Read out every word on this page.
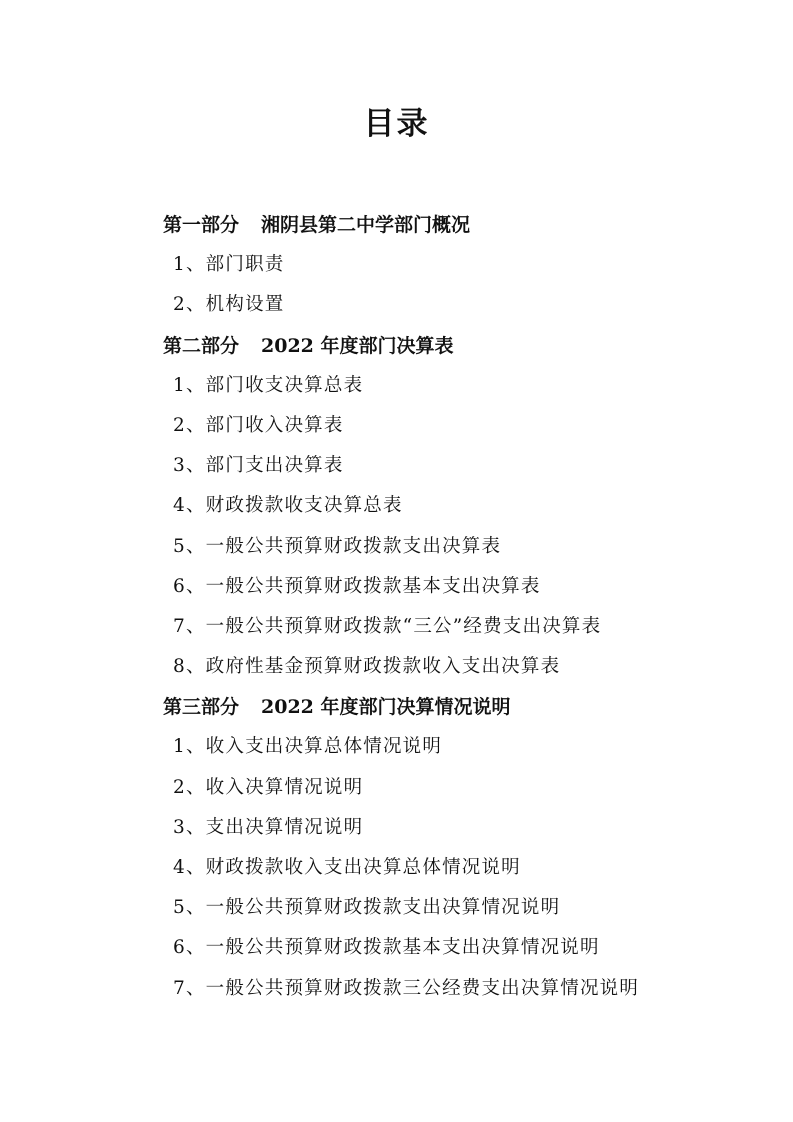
目录
第一部分 湘阴县第二中学部门概况
1、部门职责
2、机构设置
第二部分 2022 年度部门决算表
1、部门收支决算总表
2、部门收入决算表
3、部门支出决算表
4、财政拨款收支决算总表
5、一般公共预算财政拨款支出决算表
6、一般公共预算财政拨款基本支出决算表
7、一般公共预算财政拨款“三公”经费支出决算表
8、政府性基金预算财政拨款收入支出决算表
第三部分 2022 年度部门决算情况说明
1、收入支出决算总体情况说明
2、收入决算情况说明
3、支出决算情况说明
4、财政拨款收入支出决算总体情况说明
5、一般公共预算财政拨款支出决算情况说明
6、一般公共预算财政拨款基本支出决算情况说明
7、一般公共预算财政拨款三公经费支出决算情况说明
